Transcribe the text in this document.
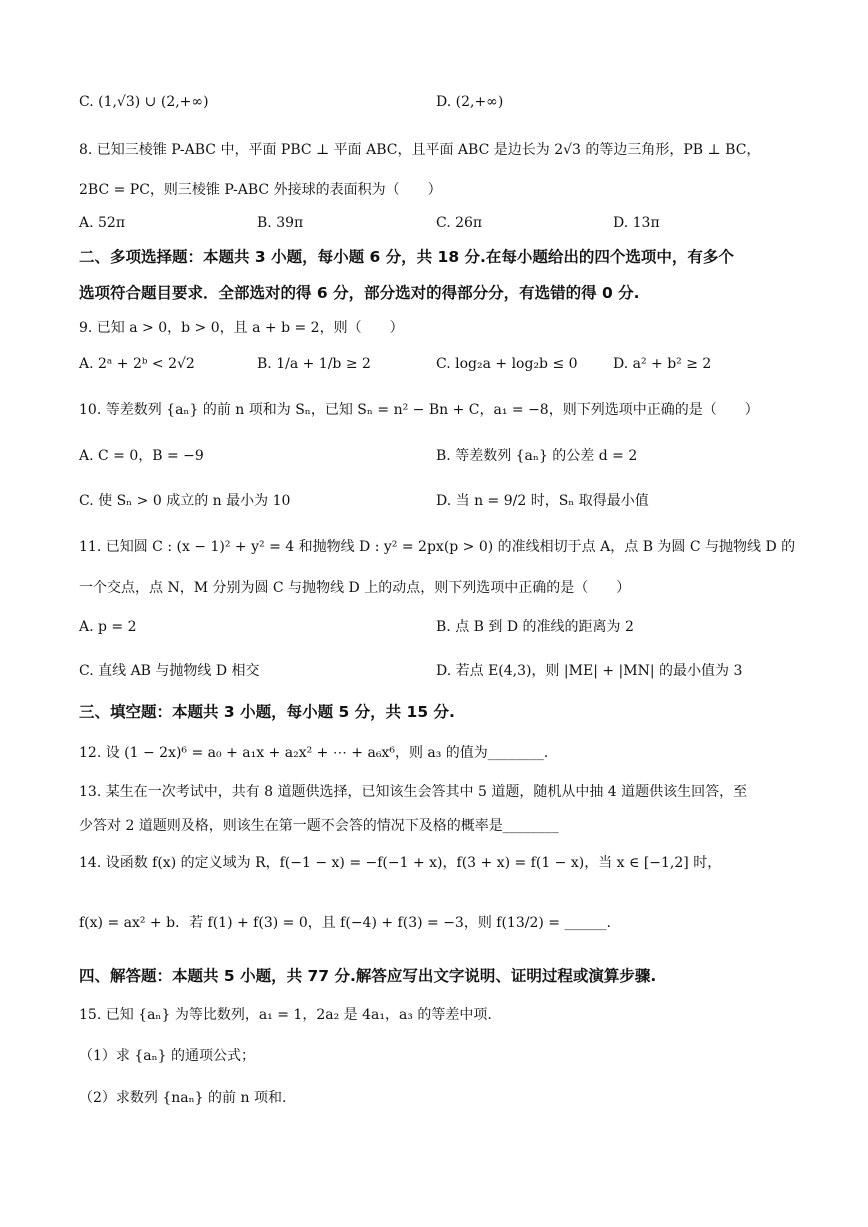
C. (1,√3) ∪ (2,+∞)	D. (2,+∞)
8. 已知三棱锥 P-ABC 中，平面 PBC ⊥ 平面 ABC，且平面 ABC 是边长为 2√3 的等边三角形，PB ⊥ BC，
2BC = PC，则三棱锥 P-ABC 外接球的表面积为（　　）
A. 52π	B. 39π	C. 26π	D. 13π
二、多项选择题：本题共 3 小题，每小题 6 分，共 18 分.在每小题给出的四个选项中，有多个
选项符合题目要求．全部选对的得 6 分，部分选对的得部分分，有选错的得 0 分.
9. 已知 a > 0，b > 0，且 a + b = 2，则（　　）
A. 2ᵃ + 2ᵇ < 2√2	B. 1/a + 1/b ≥ 2	C. log₂a + log₂b ≤ 0	D. a² + b² ≥ 2
10. 等差数列 {aₙ} 的前 n 项和为 Sₙ，已知 Sₙ = n² − Bn + C，a₁ = −8，则下列选项中正确的是（　　）
A. C = 0，B = −9	B. 等差数列 {aₙ} 的公差 d = 2
C. 使 Sₙ > 0 成立的 n 最小为 10	D. 当 n = 9/2 时，Sₙ 取得最小值
11. 已知圆 C : (x − 1)² + y² = 4 和抛物线 D : y² = 2px(p > 0) 的准线相切于点 A，点 B 为圆 C 与抛物线 D 的
一个交点，点 N，M 分别为圆 C 与抛物线 D 上的动点，则下列选项中正确的是（　　）
A. p = 2	B. 点 B 到 D 的准线的距离为 2
C. 直线 AB 与抛物线 D 相交	D. 若点 E(4,3)，则 |ME| + |MN| 的最小值为 3
三、填空题：本题共 3 小题，每小题 5 分，共 15 分.
12. 设 (1 − 2x)⁶ = a₀ + a₁x + a₂x² + ⋯ + a₆x⁶，则 a₃ 的值为________.
13. 某生在一次考试中，共有 8 道题供选择，已知该生会答其中 5 道题，随机从中抽 4 道题供该生回答，至
少答对 2 道题则及格，则该生在第一题不会答的情况下及格的概率是________
14. 设函数 f(x) 的定义域为 R，f(−1 − x) = −f(−1 + x)，f(3 + x) = f(1 − x)，当 x ∈ [−1,2] 时，
f(x) = ax² + b．若 f(1) + f(3) = 0，且 f(−4) + f(3) = −3，则 f(13/2) = ______.
四、解答题：本题共 5 小题，共 77 分.解答应写出文字说明、证明过程或演算步骤.
15. 已知 {aₙ} 为等比数列，a₁ = 1，2a₂ 是 4a₁，a₃ 的等差中项.
（1）求 {aₙ} 的通项公式；
（2）求数列 {naₙ} 的前 n 项和.
